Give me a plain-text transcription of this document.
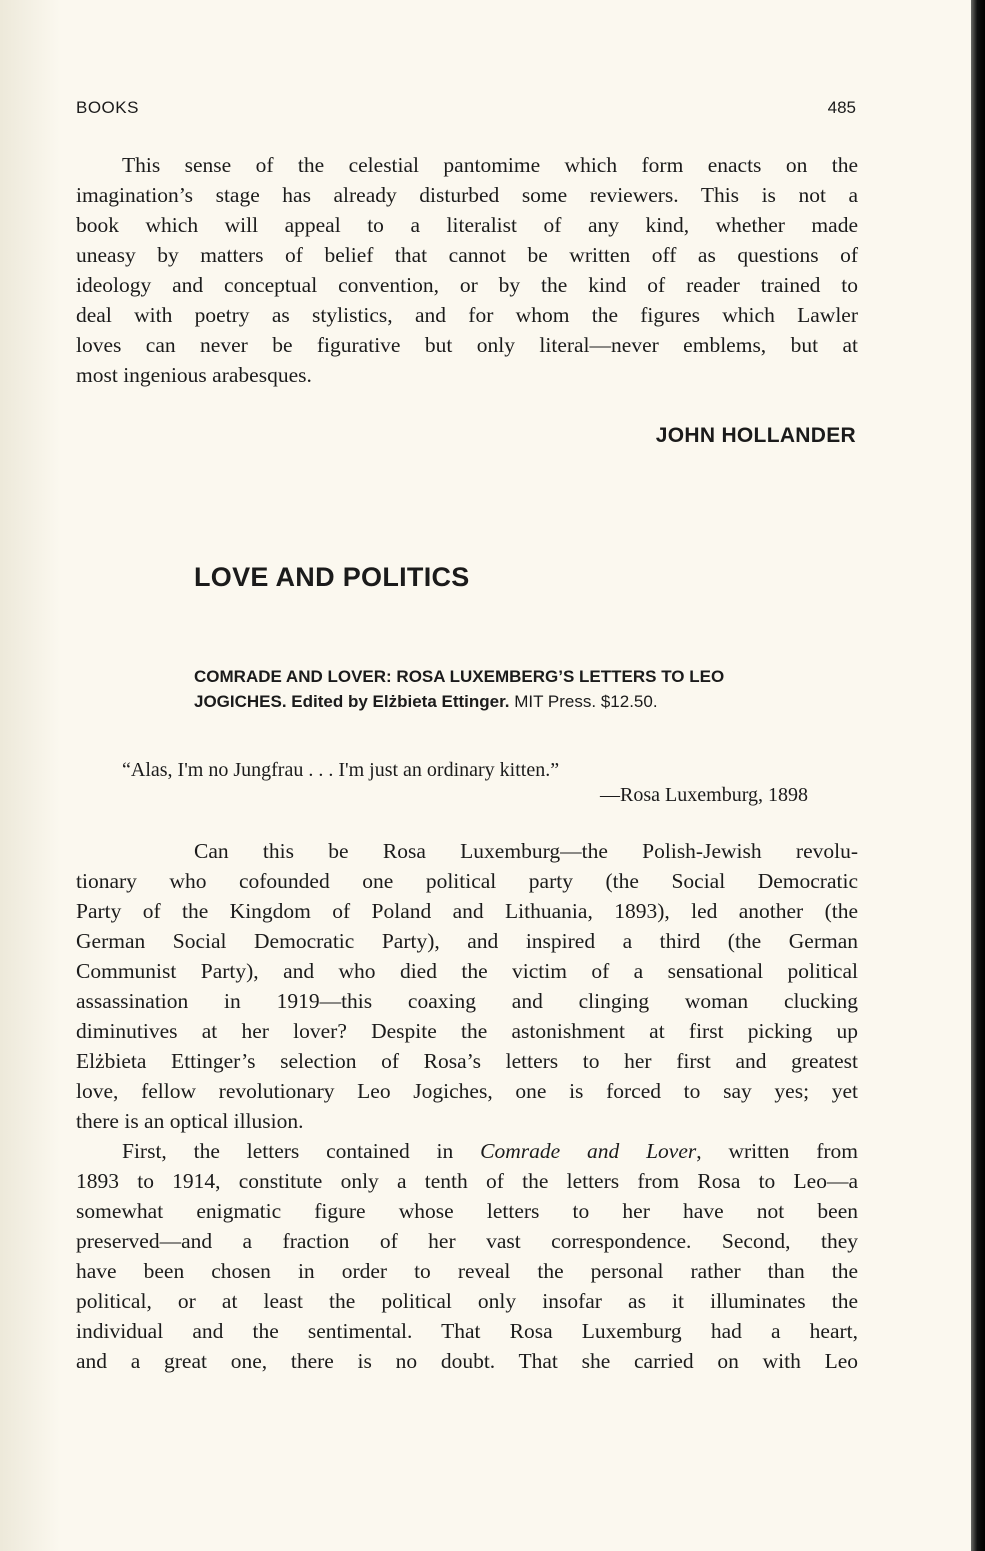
BOOKS	485

This sense of the celestial pantomime which form enacts on the
imagination’s stage has already disturbed some reviewers. This is not a
book which will appeal to a literalist of any kind, whether made
uneasy by matters of belief that cannot be written off as questions of
ideology and conceptual convention, or by the kind of reader trained to
deal with poetry as stylistics, and for whom the figures which Lawler
loves can never be figurative but only literal—never emblems, but at
most ingenious arabesques.

JOHN HOLLANDER
LOVE AND POLITICS
COMRADE AND LOVER: ROSA LUXEMBERG’S LETTERS TO LEO
JOGICHES. Edited by Elżbieta Ettinger. MIT Press. $12.50.
“Alas, I'm no Jungfrau . . . I'm just an ordinary kitten.”
—Rosa Luxemburg, 1898

Can this be Rosa Luxemburg—the Polish-Jewish revolu-
tionary who cofounded one political party (the Social Democratic
Party of the Kingdom of Poland and Lithuania, 1893), led another (the
German Social Democratic Party), and inspired a third (the German
Communist Party), and who died the victim of a sensational political
assassination in 1919—this coaxing and clinging woman clucking
diminutives at her lover? Despite the astonishment at first picking up
Elżbieta Ettinger’s selection of Rosa’s letters to her first and greatest
love, fellow revolutionary Leo Jogiches, one is forced to say yes; yet
there is an optical illusion.

First, the letters contained in Comrade and Lover, written from
1893 to 1914, constitute only a tenth of the letters from Rosa to Leo—a
somewhat enigmatic figure whose letters to her have not been
preserved—and a fraction of her vast correspondence. Second, they
have been chosen in order to reveal the personal rather than the
political, or at least the political only insofar as it illuminates the
individual and the sentimental. That Rosa Luxemburg had a heart,
and a great one, there is no doubt. That she carried on with Leo
